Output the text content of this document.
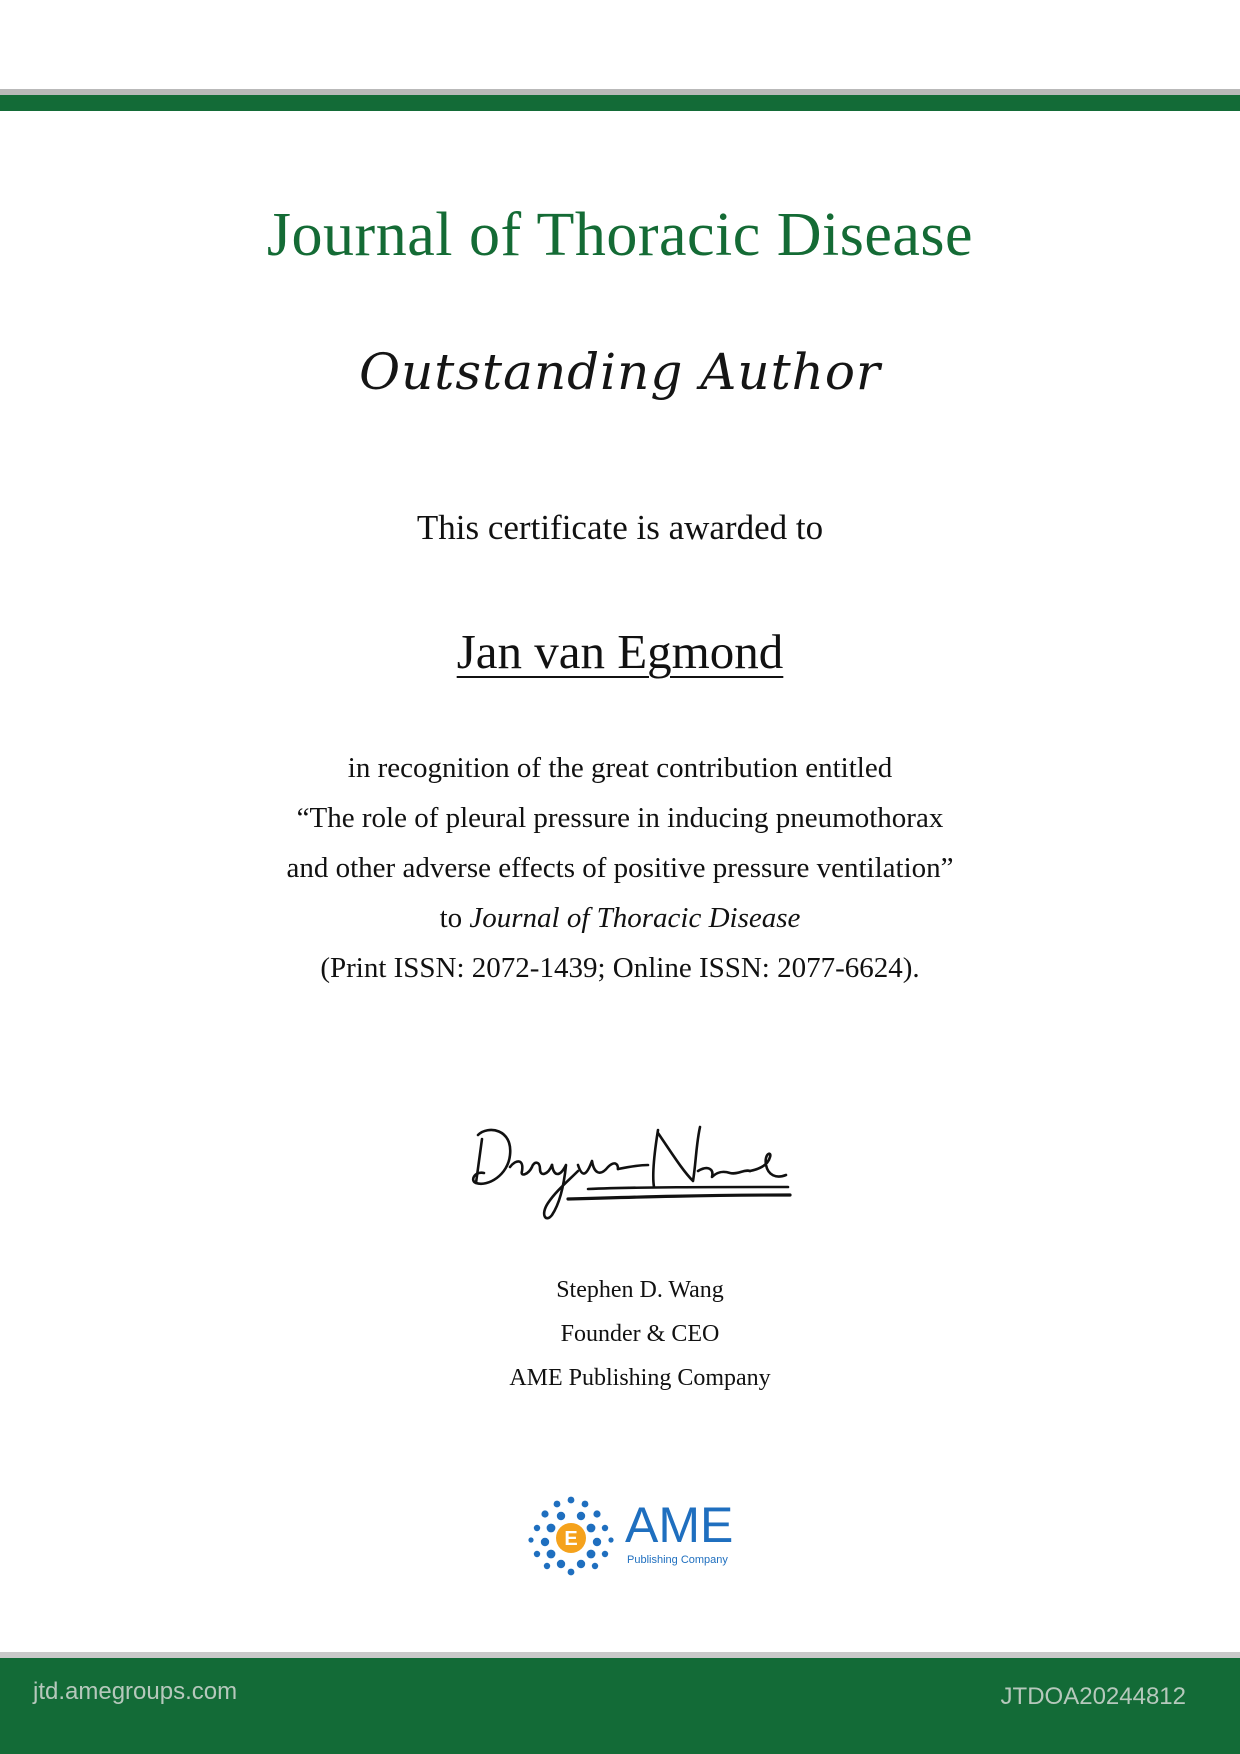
Journal of Thoracic Disease
Outstanding Author
This certificate is awarded to
Jan van Egmond
in recognition of the great contribution entitled
“The role of pleural pressure in inducing pneumothorax
and other adverse effects of positive pressure ventilation”
to Journal of Thoracic Disease
(Print ISSN: 2072-1439; Online ISSN: 2077-6624).
Stephen D. Wang
Founder & CEO
AME Publishing Company
E AME
Publishing Company
jtd.amegroups.com	JTDOA20244812
